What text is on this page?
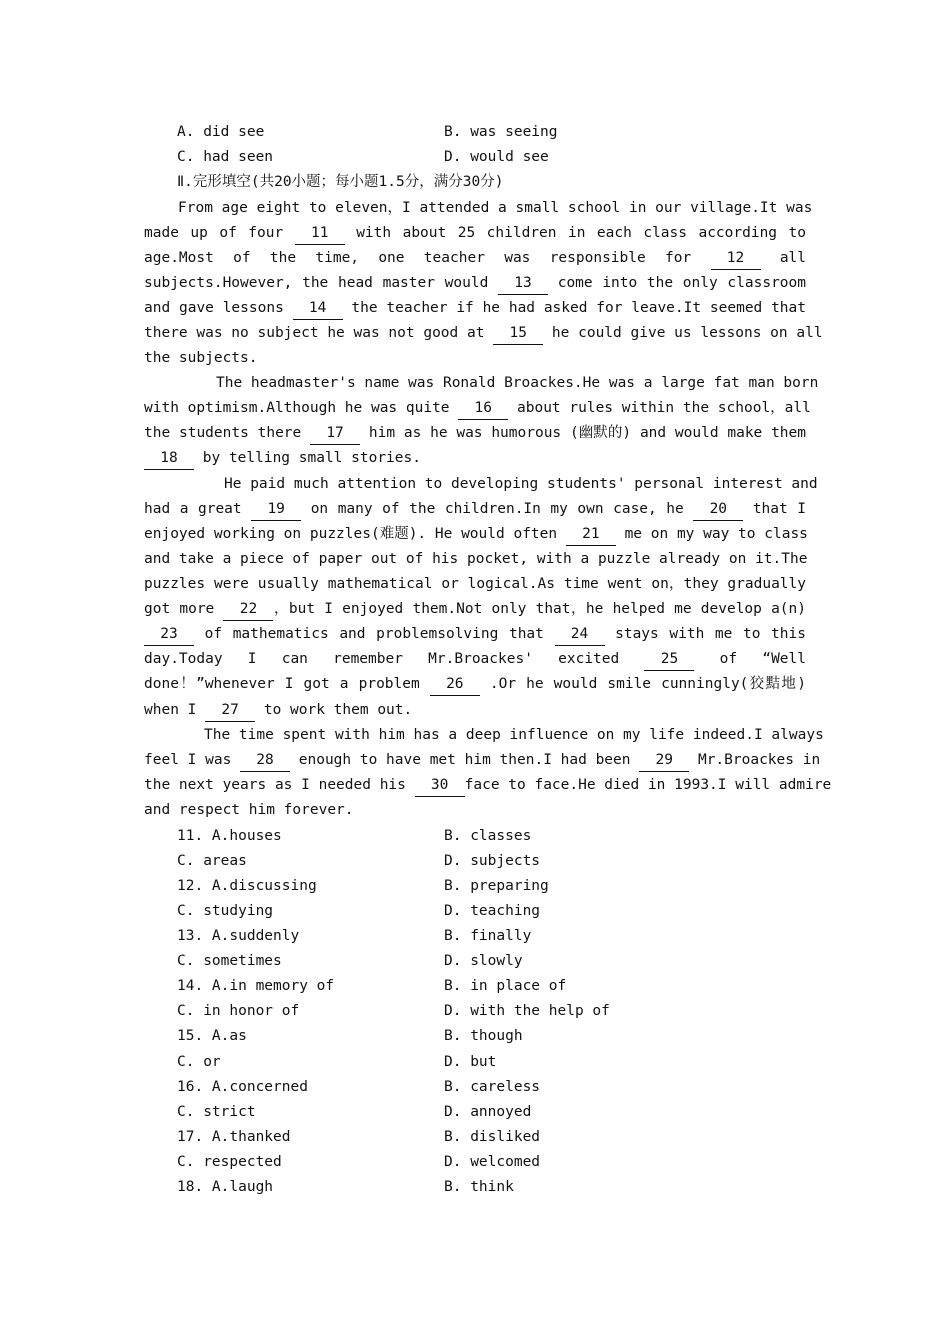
A. did see	B. was seeing
C. had seen	D. would see
Ⅱ.完形填空(共20小题；每小题1.5分，满分30分)
From age eight to eleven，I attended a small school in our village.It was
made up of four 11 with about 25 children in each class according to
age.Most of the time, one teacher was responsible for 12 all
subjects.However, the head master would 13 come into the only classroom
and gave lessons 14 the teacher if he had asked for leave.It seemed that
there was no subject he was not good at 15 he could give us lessons on all
the subjects.
The headmaster's name was Ronald Broackes.He was a large fat man born
with optimism.Although he was quite 16 about rules within the school，all
the students there 17 him as he was humorous (幽默的) and would make them
18 by telling small stories.
He paid much attention to developing students' personal interest and
had a great 19 on many of the children.In my own case, he 20 that I
enjoyed working on puzzles(难题). He would often 21 me on my way to class
and take a piece of paper out of his pocket, with a puzzle already on it.The
puzzles were usually mathematical or logical.As time went on，they gradually
got more 22 ，but I enjoyed them.Not only that，he helped me develop a(n)
23 of mathematics and problemsolving that 24 stays with me to this
day.Today I can remember Mr.Broackes' excited 25 of “Well
done！”whenever I got a problem 26 .Or he would smile cunningly(狡黠地)
when I 27 to work them out.
The time spent with him has a deep influence on my life indeed.I always
feel I was 28 enough to have met him then.I had been 29 Mr.Broackes in
the next years as I needed his 30 face to face.He died in 1993.I will admire
and respect him forever.
11. A.houses	B. classes
C. areas	D. subjects
12. A.discussing	B. preparing
C. studying	D. teaching
13. A.suddenly	B. finally
C. sometimes	D. slowly
14. A.in memory of	B. in place of
C. in honor of	D. with the help of
15. A.as	B. though
C. or	D. but
16. A.concerned	B. careless
C. strict	D. annoyed
17. A.thanked	B. disliked
C. respected	D. welcomed
18. A.laugh	B. think
